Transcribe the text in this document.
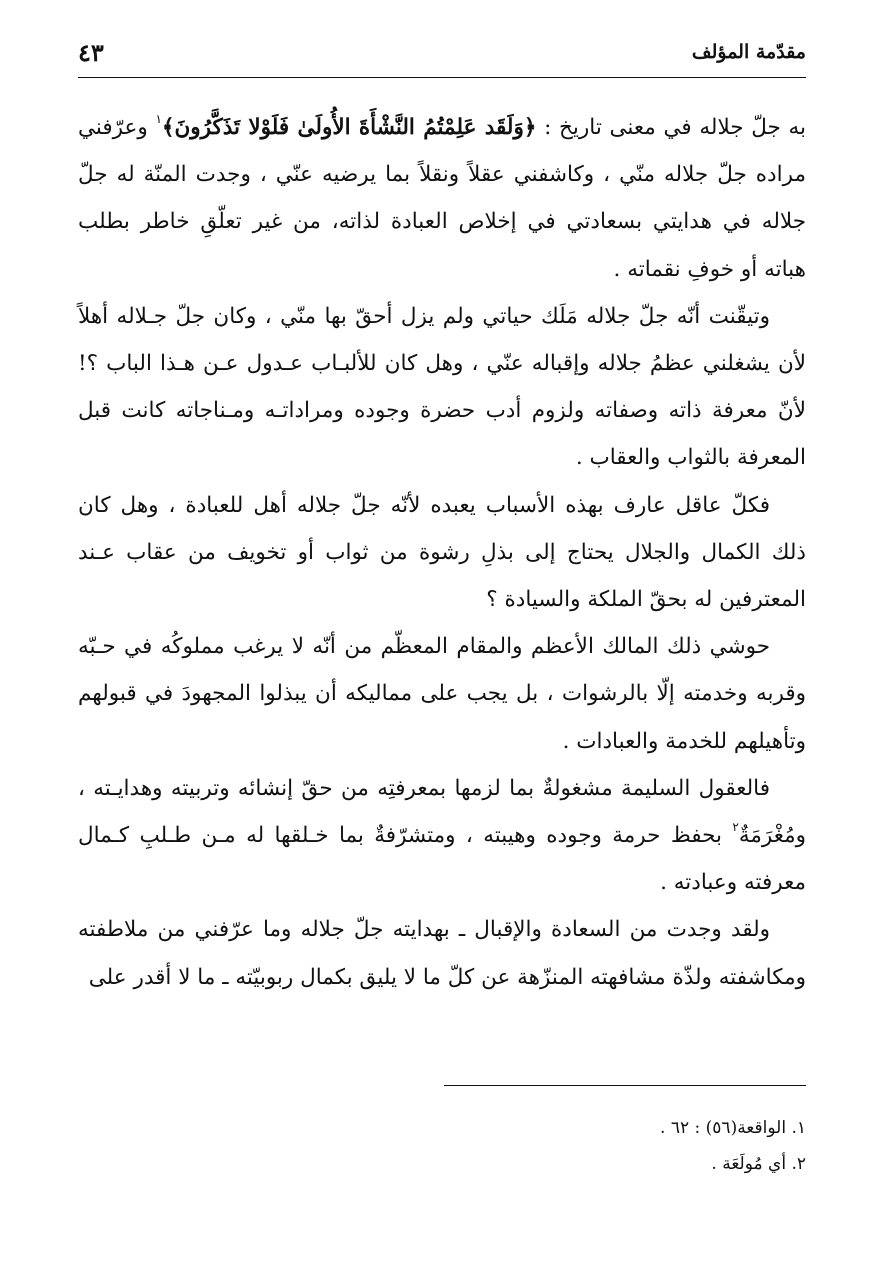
مقدّمة المؤلف
٤٣

به جلّ جلاله في معنى تاريخ : ﴿وَلَقَد عَلِمْتُمُ النَّشْأَةَ الأُولَىٰ فَلَوْلا تَذَكَّرُونَ﴾$^١$ وعرّفني مراده جلّ جلاله منّي ، وكاشفني عقلاً ونقلاً بما يرضيه عنّي ، وجدت المنّة له جلّ جلاله في هدايتي بسعادتي في إخلاص العبادة لذاته، من غير تعلّقِ خاطر بطلب هباته أو خوفِ نقماته .

وتيقّنت أنّه جلّ جلاله مَلَك حياتي ولم يزل أحقّ بها منّي ، وكان جلّ جـلاله أهلاً لأن يشغلني عظمُ جلاله وإقباله عنّي ، وهل كان للألبـاب عـدول عـن هـذا الباب ؟! لأنّ معرفة ذاته وصفاته ولزوم أدب حضرة وجوده ومراداتـه ومـناجاته كانت قبل المعرفة بالثواب والعقاب .

فكلّ عاقل عارف بهذه الأسباب يعبده لأنّه جلّ جلاله أهل للعبادة ، وهل كان ذلك الكمال والجلال يحتاج إلى بذلِ رشوة من ثواب أو تخويف من عقاب عـند المعترفين له بحقّ الملكة والسيادة ؟

حوشي ذلك المالك الأعظم والمقام المعظّم من أنّه لا يرغب مملوكُه في حـبّه وقربه وخدمته إلّا بالرشوات ، بل يجب على مماليكه أن يبذلوا المجهودَ في قبولهم وتأهيلهم للخدمة والعبادات .

فالعقول السليمة مشغولةٌ بما لزمها بمعرفتِه من حقّ إنشائه وتربيته وهدايـته ، ومُغْرَمَةٌ$^٢$ بحفظ حرمة وجوده وهيبته ، ومتشرّفةٌ بما خـلقها له مـن طـلبِ كـمال معرفته وعبادته .

ولقد وجدت من السعادة والإقبال ـ بهدايته جلّ جلاله وما عرّفني من ملاطفته ومكاشفته ولذّة مشافهته المنزّهة عن كلّ ما لا يليق بكمال ربوبيّته ـ ما لا أقدر على

١. الواقعة(٥٦) : ٦٢ .

٢. أي مُولَعَة .
